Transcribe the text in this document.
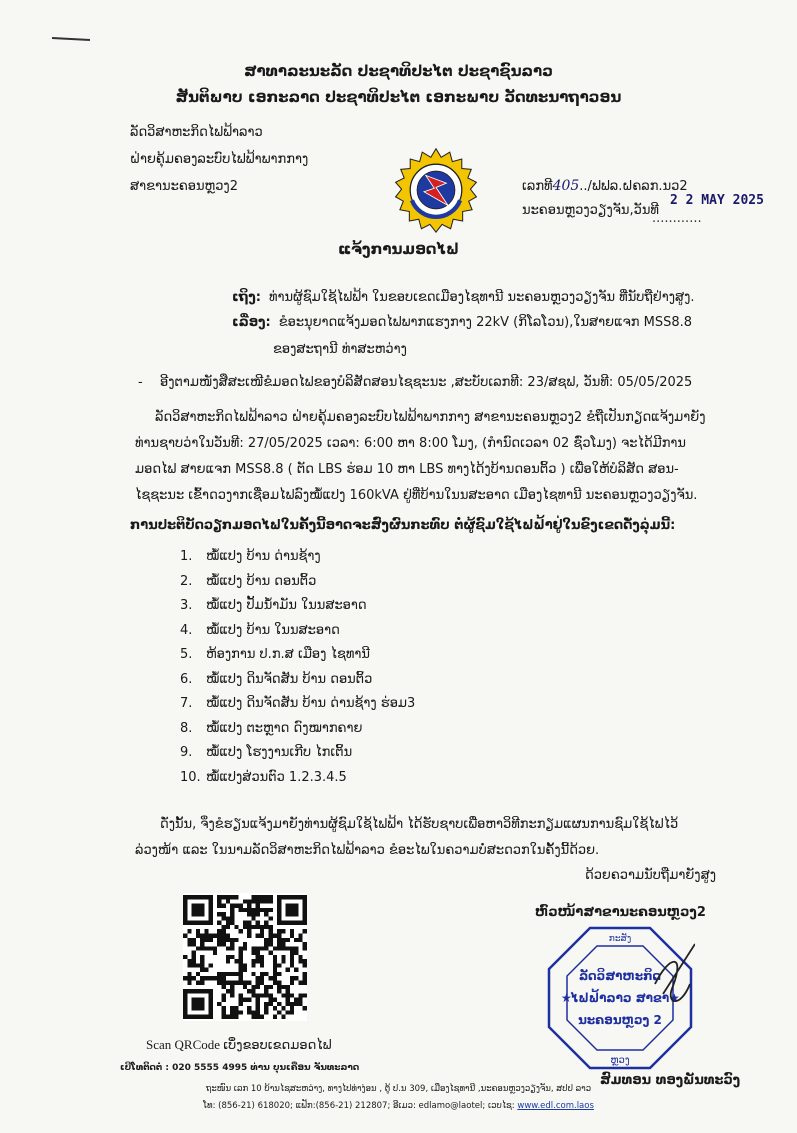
ສາທາລະນະລັດ ປະຊາທິປະໄຕ ປະຊາຊົນລາວ
ສັນຕິພາບ ເອກະລາດ ປະຊາທິປະໄຕ ເອກະພາບ ວັດທະນາຖາວອນ
ລັດວິສາຫະກິດໄຟຟ້າລາວ
ຝ່າຍຄຸ້ມຄອງລະບົບໄຟຟ້າພາກກາງ
ສາຂານະຄອນຫຼວງ2	ເລກທີ405../ຟຟລ.ຝຄລກ.ນວ2
ນະຄອນຫຼວງວຽງຈັນ,ວັນທີ
............
2 2 MAY 2025
ແຈ້ງການມອດໄຟ
ເຖິງ: ທ່ານຜູ້ຊົມໃຊ້ໄຟຟ້າ ໃນຂອບເຂດເມືອງໄຊທານີ ນະຄອນຫຼວງວຽງຈັນ ທີ່ນັບຖືຢ່າງສູງ.
ເລື່ອງ: ຂໍອະນຸຍາດແຈ້ງມອດໄຟພາກແຮງກາງ 22kV (ກິໂລໂວນ),ໃນສາຍແຈກ MSS8.8
ຂອງສະຖານີ ທ່າສະຫວ່າງ
- ອີງຕາມໜັງສືສະເໜີຂໍມອດໄຟຂອງບໍລິສັດສອນໄຊຊະນະ ,ສະບັບເລກທີ: 23/ສຊຟ, ວັນທີ: 05/05/2025

ລັດວິສາຫະກິດໄຟຟ້າລາວ ຝ່າຍຄຸ້ມຄອງລະບົບໄຟຟ້າພາກກາງ ສາຂານະຄອນຫຼວງ2 ຂໍຖືເປັນກຽດແຈ້ງມາຍັງ

ທ່ານຊາບວ່າໃນວັນທີ: 27/05/2025 ເວລາ: 6:00 ຫາ 8:00 ໂມງ, (ກຳນົດເວລາ 02 ຊົ່ວໂມງ) ຈະໄດ້ມີການ

ມອດໄຟ ສາຍແຈກ MSS8.8 ( ຕັດ LBS ຮ່ອມ 10 ຫາ LBS ທາງໄດ້ງບ້ານດອນຕິ້ວ ) ເພື່ອໃຫ້ບໍລິສັດ ສອນ-

ໄຊຊະນະ ເຂົ້າດວງາກເຊື່ອມໄຟລົງໝໍ້ແປງ 160kVA ຢູ່ທີ່ບ້ານໃນນສະອາດ ເມືອງໄຊທານີ ນະຄອນຫຼວງວຽງຈັນ.

ການປະຕິບັດວຽກມອດໄຟໃນຄັ້ງນີ້ອາດຈະສົ່ງຜົນກະທົບ ຕໍ່ຜູ້ຊົມໃຊ້ໄຟຟ້າຢູ່ໃນຂົງເຂດດັ່ງລຸ່ມນີ້:
1. ໝໍ້ແປງ ບ້ານ ດ່ານຊ້າງ
2. ໝໍ້ແປງ ບ້ານ ດອນຕິ້ວ
3. ໝໍ້ແປງ ປັ້ມນ້ຳມັນ ໃນນສະອາດ
4. ໝໍ້ແປງ ບ້ານ ໃນນສະອາດ
5. ຫ້ອງການ ປ.ກ.ສ ເມືອງ ໄຊທານີ
6. ໝໍ້ແປງ ດິນຈັດສັນ ບ້ານ ດອນຕິ້ວ
7. ໝໍ້ແປງ ດິນຈັດສັນ ບ້ານ ດ່ານຊ້າງ ຮ່ອມ3
8. ໝໍ້ແປງ ຕະຫຼາດ ດົງໝາກຄາຍ
9. ໝໍ້ແປງ ໂຮງງານເກີບ ໄກເຕິ້ນ
10. ໝໍ້ແປງສ່ວນຕົວ 1.2.3.4.5

ດັ່ງນັ້ນ, ຈິ່ງຂໍຮຽນແຈ້ງມາຍັງທ່ານຜູ້ຊົມໃຊ້ໄຟຟ້າ ໄດ້ຮັບຊາບເພື່ອຫາວິທີກະກຽມແຜນການຊົມໃຊ້ໄຟໄວ້

ລ່ວງໜ້າ ແລະ ໃນນາມລັດວິສາຫະກິດໄຟຟ້າລາວ ຂໍອະໄພໃນຄວາມບໍ່ສະດວກໃນຄັ້ງນີ້ດ້ວຍ.

ດ້ວຍຄວາມນັບຖືມາຍັງສູງ
Scan QRCode ເບິ່ງຂອບເຂດມອດໄຟ
ເບີໂທຕິດຕໍ່ : 020 5555 4995 ທ່ານ ບຸນເຄືອນ ຈັນທະລາດ
ຫົວໜ້າສາຂານະຄອນຫຼວງ2
ກະສັງ
ລັດວິສາຫະກິດ
ໄຟຟ້າລາວ ສາຂາ
ນະຄອນຫຼວງ 2
ຫຼວງ
★	★
ສົມທອນ ທອງພັນທະວົງ
ຖະໜົນ ເລກ 10 ບ້ານໄຊສະຫວ່າງ, ທາງໄປທ່າງ່ອນ , ຕູ້ ປ.ນ 309, ເມືອງໄຊທານີ ,ນະຄອນຫຼວງວຽງຈັນ, ສປປ ລາວ
ໂທ: (856-21) 618020; ແຟັກ:(856-21) 212807; ອີເມວ: edlamo@laotel; ເວບໄຊ: www.edl.com.laos
